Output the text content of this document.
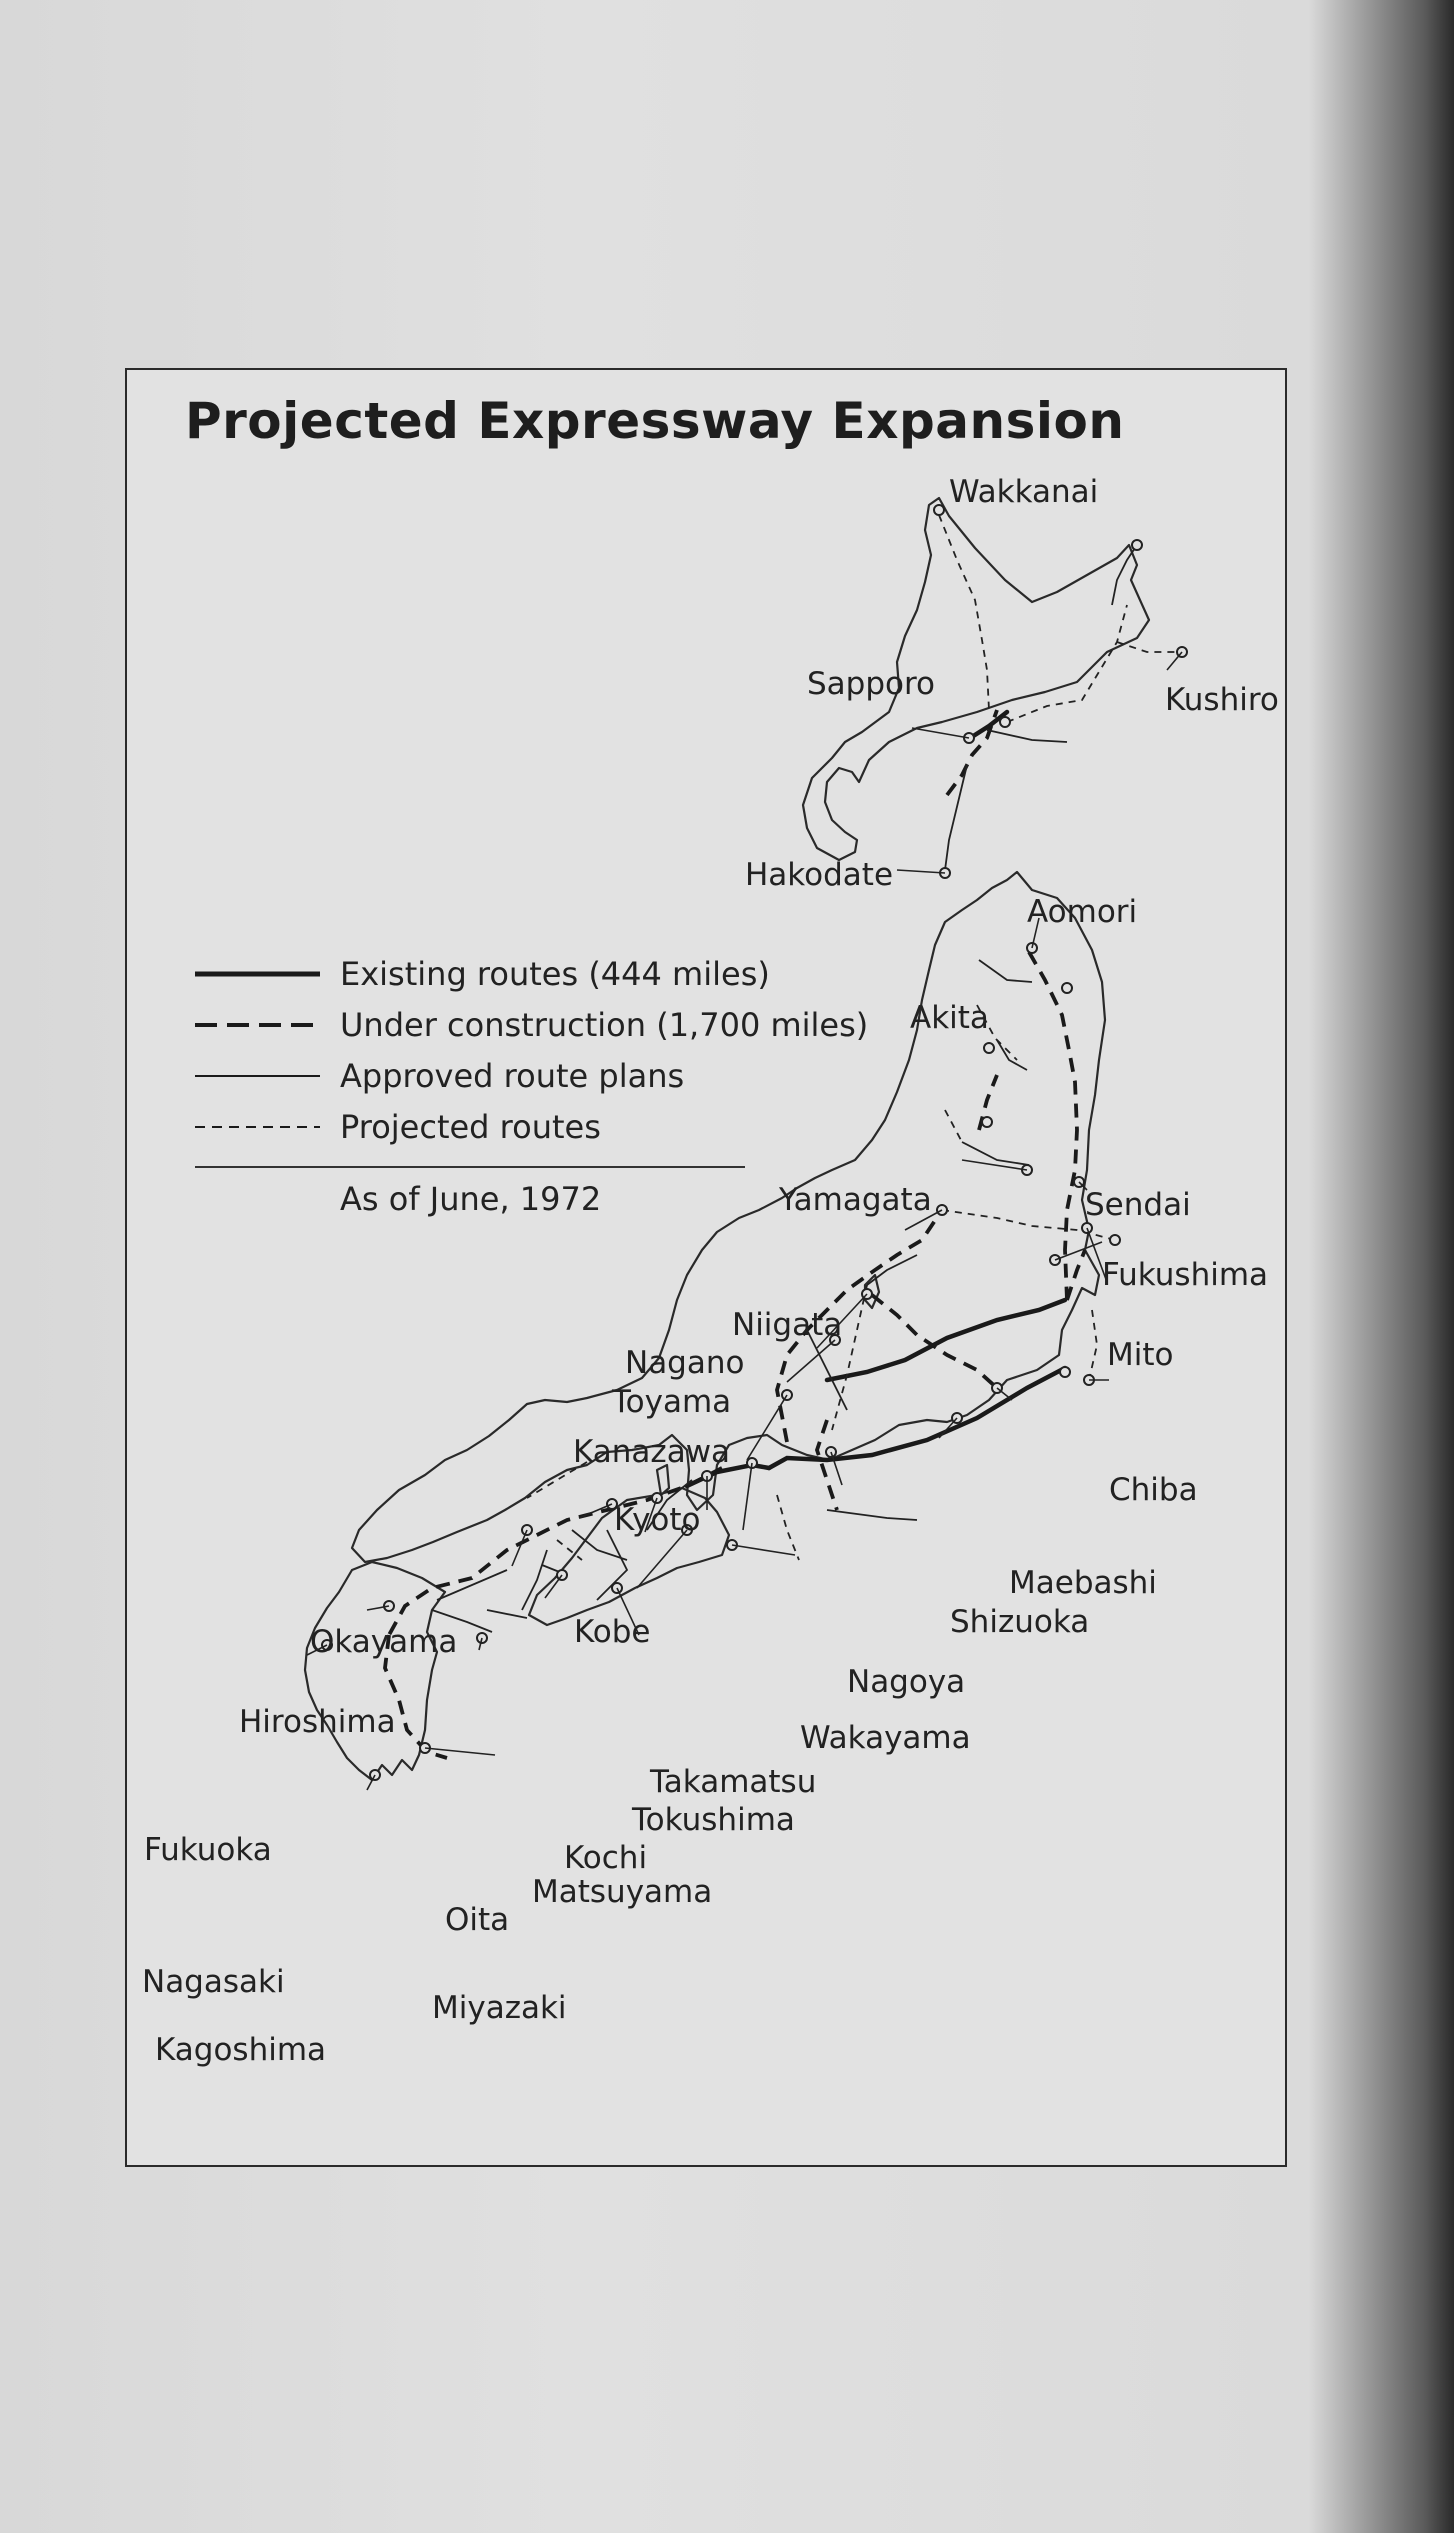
Projected Expressway Expansion
Wakkanai
Sapporo	Kushiro
Hakodate
Aomori
Akita
Yamagata	Sendai
Fukushima
Niigata
Mito
Nagano
Toyama
Kanazawa
Chiba
Kyoto
Maebashi
Shizuoka
Okayama	Kobe
Nagoya
Hiroshima	Wakayama
Takamatsu
Tokushima
Kochi
Fukuoka
Matsuyama
Oita
Nagasaki
Miyazaki
Kagoshima
Existing routes (444 miles)
Under construction (1,700 miles)
Approved route plans
Projected routes
As of June, 1972
